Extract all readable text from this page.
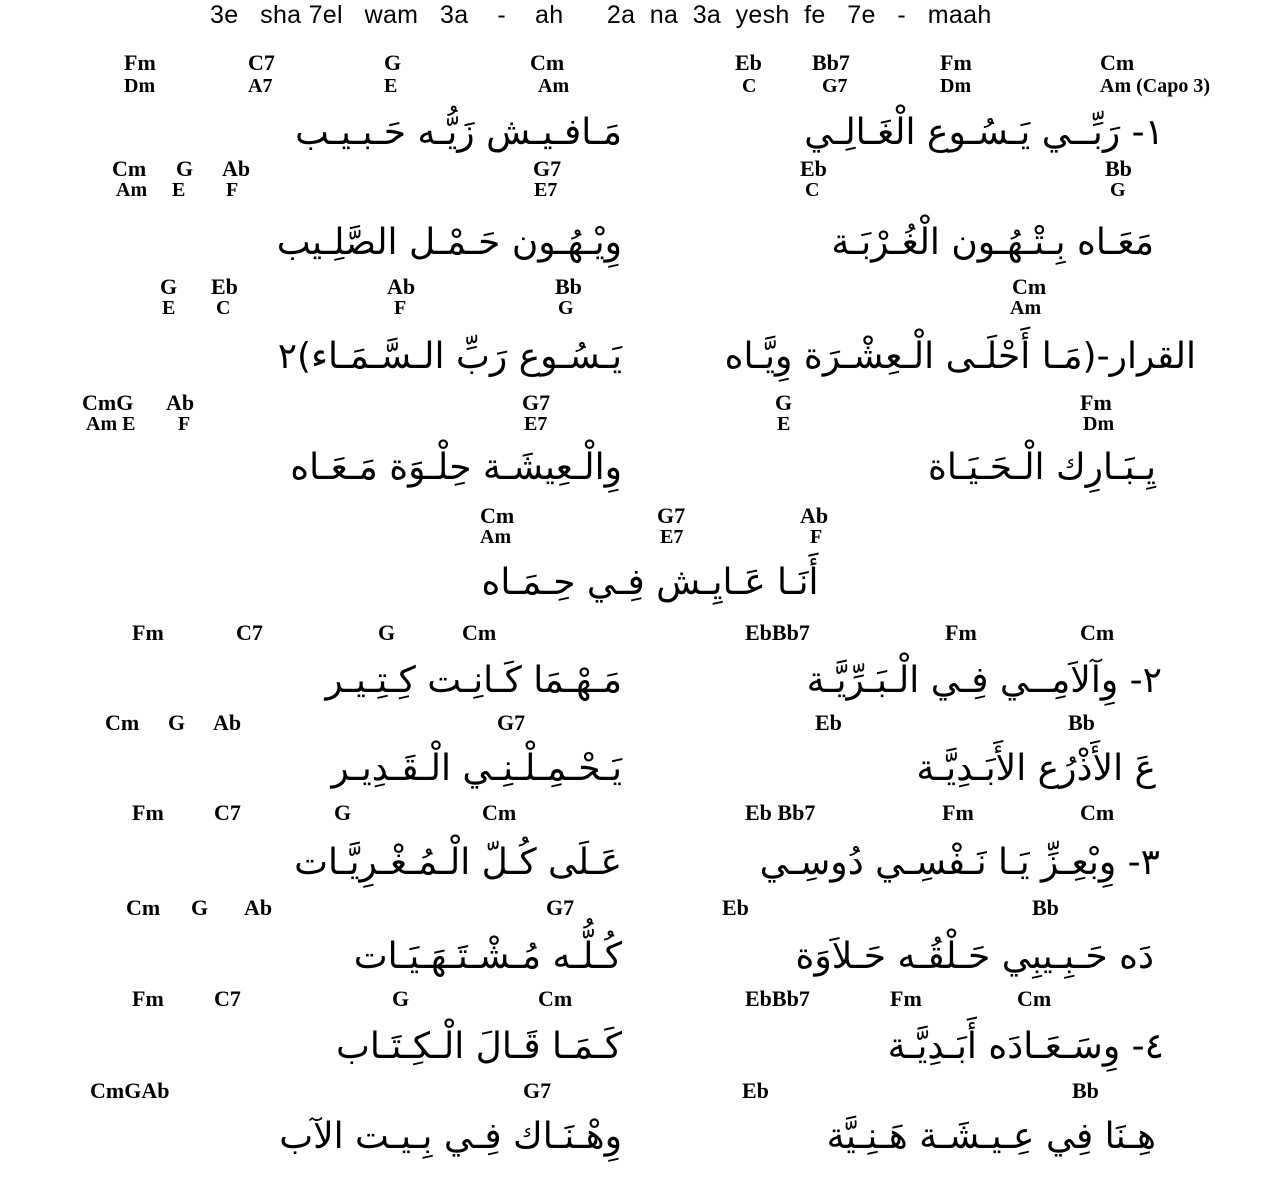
3e   sha 7el   wam   3a    -    ah      2a  na  3a  yesh  fe   7e   -   maah
Fm	C7	G	Cm	Eb Bb7	Fm	Cm
Dm	A7	E	Am	C	G7	Dm	Am (Capo 3)
مَـافـيـش زَيُّـه حَـبـيـب	١- رَبِّــي يَـسُـوع الْغَـالِـي
Cm G Ab	G7	Eb	Bb
Am E F	E7	C	G
وِيْـهُـون حَـمْـل الصَّلِـيب	مَعَـاه بِـتْـهُـون الْغُـرْبَـة
G Eb	Ab	Bb	Cm
E C	F	G	Am
يَـسُـوع رَبِّ الـسَّـمَـاء)٢	القرار-(مَـا أَحْلَـى الْـعِشْـرَة وِيَّـاه
CmG Ab	G7	G	Fm
Am E F	E7	E	Dm
وِالْـعِيشَـة حِلْـوَة مَـعَـاه	يِـبَـارِك الْـحَـيَـاة
Cm	G7	Ab
Am	E7	F
أَنَـا عَـايِـش فِـي حِـمَـاه
Fm	C7	G	Cm	EbBb7	Fm	Cm
مَـهْـمَا كَـانِـت كِـتِـيـر	٢- وِآلاَمِــي فِـي الْـبَـرِّيَّـة
Cm G Ab	G7	Eb	Bb
يَـحْـمِـلْـنِـي الْـقَـدِيـر	عَ الأَذْرُع الأَبَـدِيَّـة
Fm C7	G	Cm	Eb Bb7	Fm	Cm
عَـلَى كُـلّ الْـمُـغْـرِيَّـات	٣- وِبْعِـزِّ يَـا نَـفْسِـي دُوسِـي
Cm G Ab	G7	Eb	Bb
كُـلُّـه مُـشْـتَـهَـيَـات	دَه حَـبِـيبِي حَـلْقُـه حَـلاَوَة
Fm C7	G	Cm	EbBb7	Fm	Cm
كَـمَـا قَـالَ الْـكِـتَـاب	٤- وِسَـعَـادَه أَبَـدِيَّـة
CmGAb	G7	Eb	Bb
وِهْـنَـاك فِـي بِـيـت الآب	هِـنَا فِي عِـيـشَـة هَـنِـيَّة
